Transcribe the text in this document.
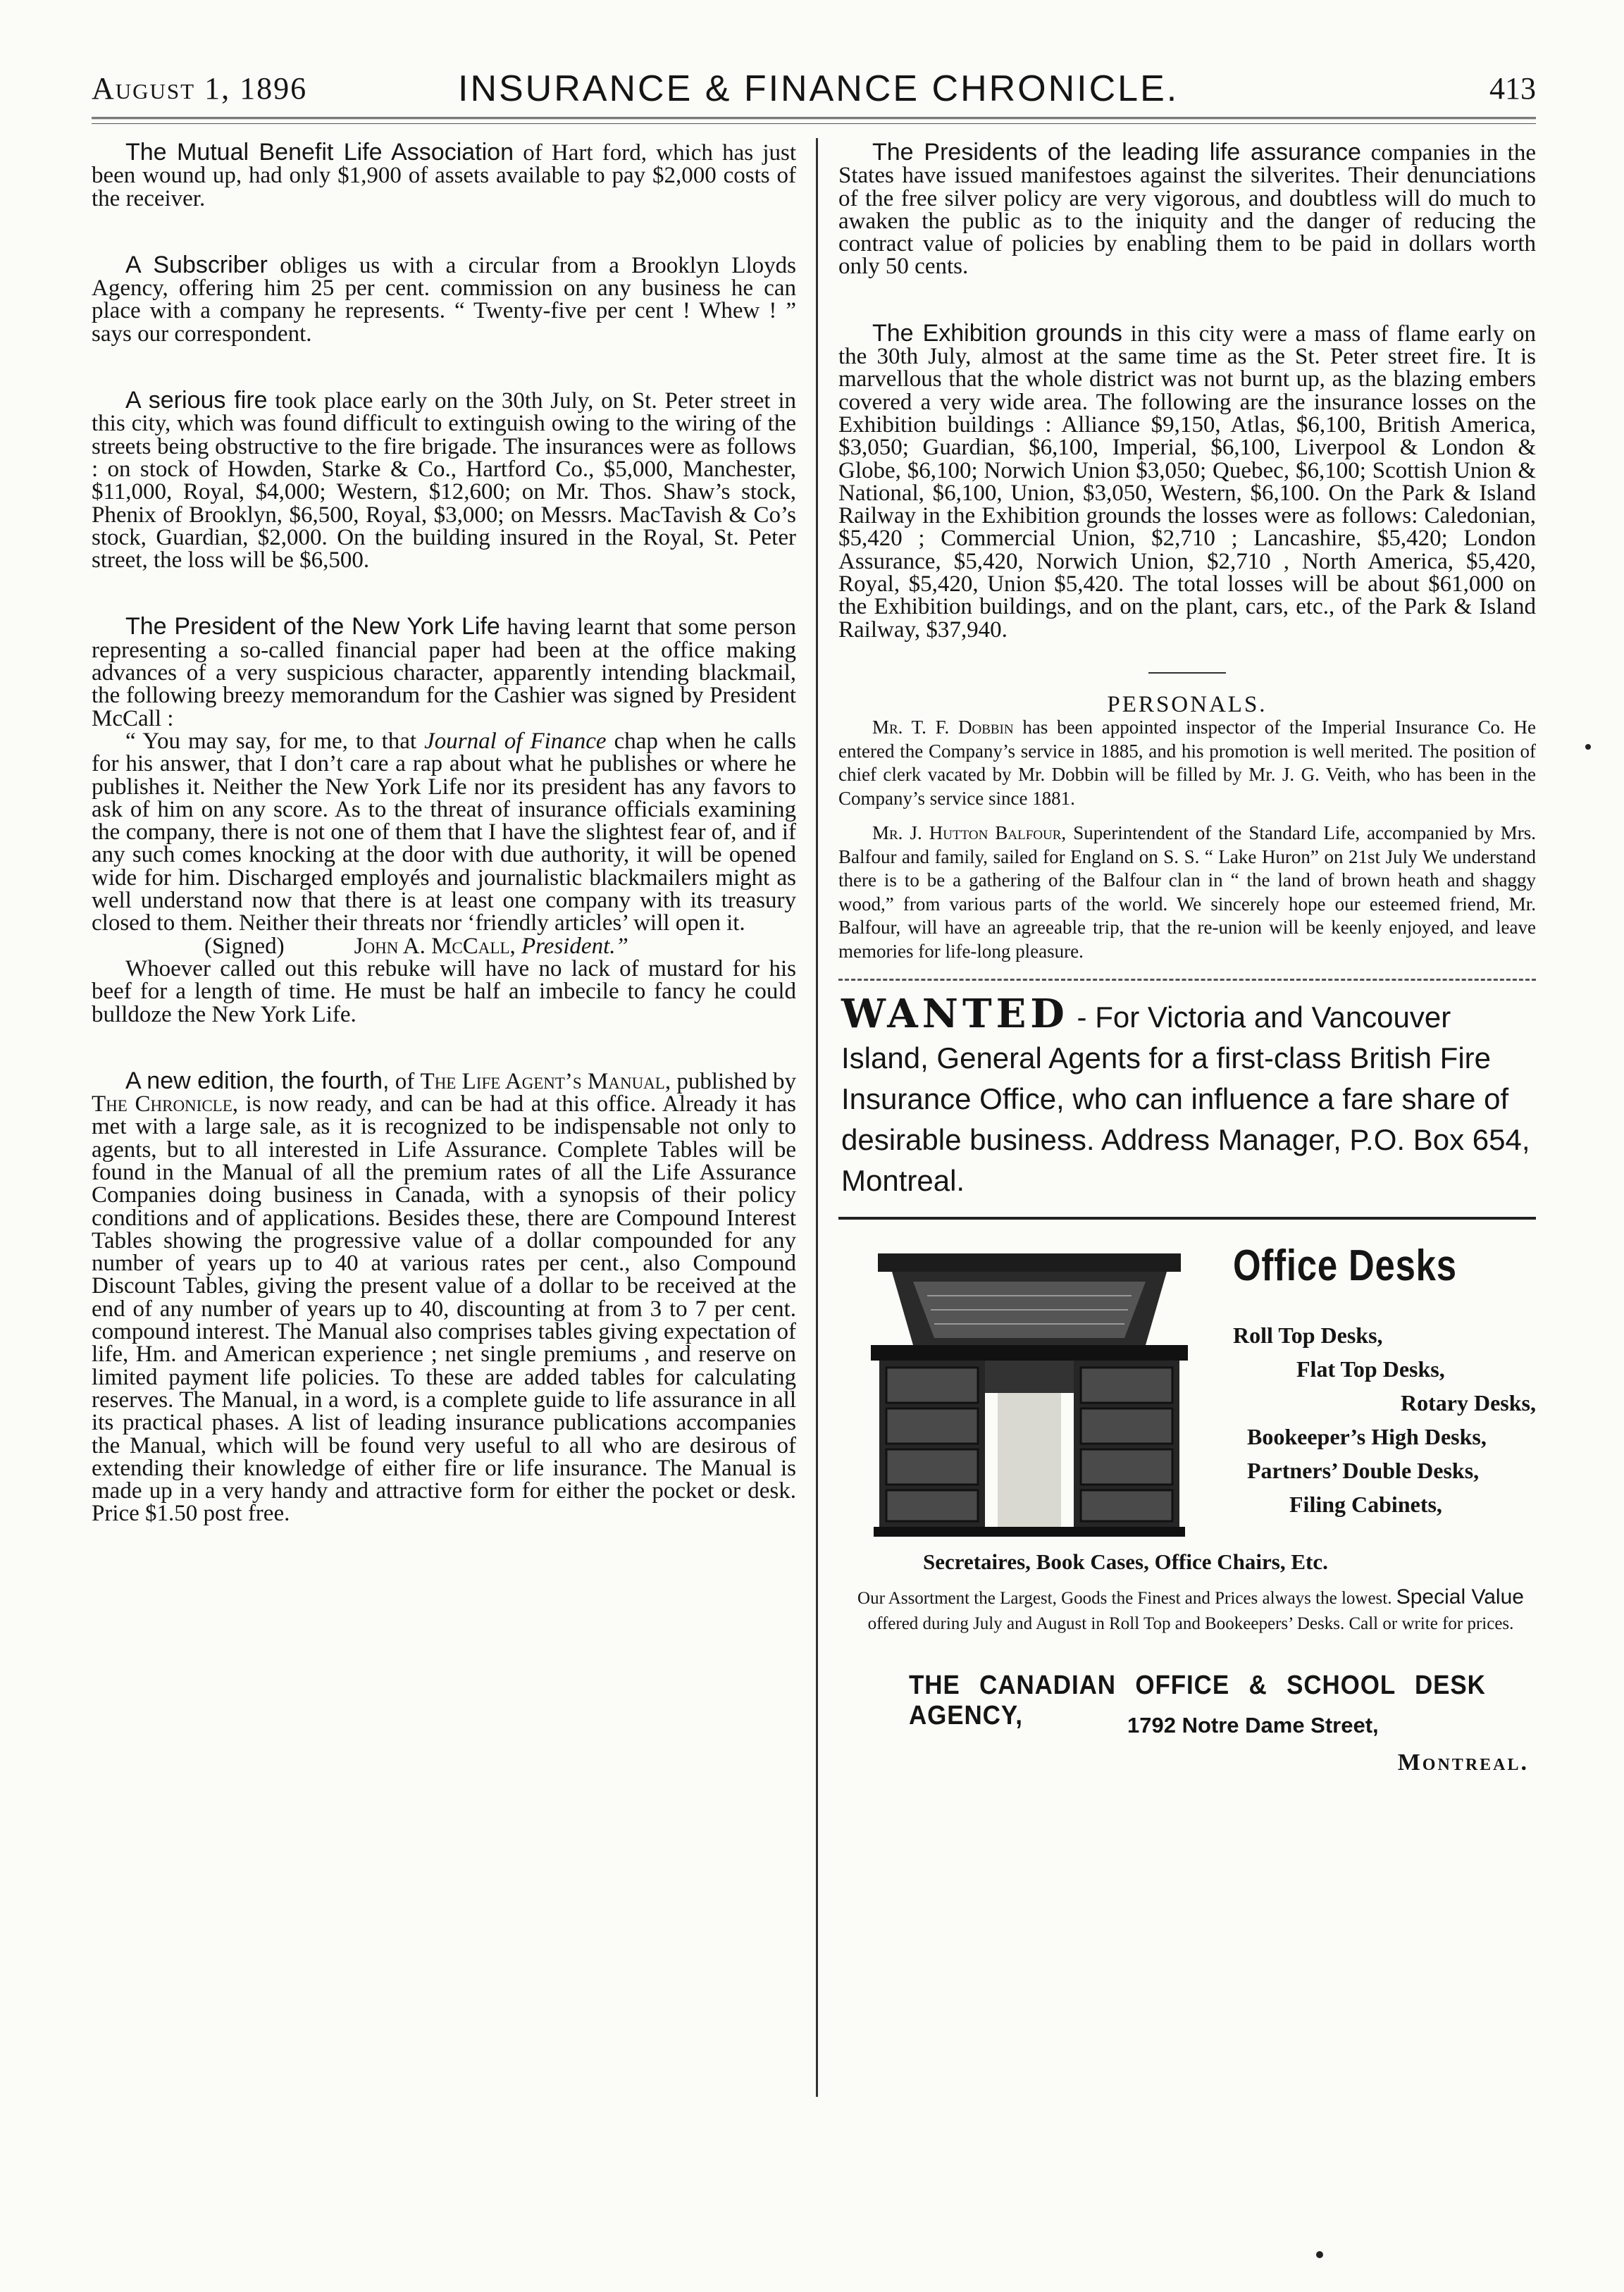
August 1, 1896	INSURANCE & FINANCE CHRONICLE.	413

The Mutual Benefit Life Association of Hart ford, which has just been wound up, had only $1,900 of assets available to pay $2,000 costs of the receiver.

A Subscriber obliges us with a circular from a Brooklyn Lloyds Agency, offering him 25 per cent. commission on any business he can place with a company he represents. “ Twenty-five per cent ! Whew ! ” says our correspondent.

A serious fire took place early on the 30th July, on St. Peter street in this city, which was found difficult to extinguish owing to the wiring of the streets being obstructive to the fire brigade. The insurances were as follows : on stock of Howden, Starke & Co., Hartford Co., $5,000, Manchester, $11,000, Royal, $4,000; Western, $12,600; on Mr. Thos. Shaw’s stock, Phenix of Brooklyn, $6,500, Royal, $3,000; on Messrs. MacTavish & Co’s stock, Guardian, $2,000. On the building insured in the Royal, St. Peter street, the loss will be $6,500.

The President of the New York Life having learnt that some person representing a so-called financial paper had been at the office making advances of a very suspicious character, apparently intending blackmail, the following breezy memorandum for the Cashier was signed by President McCall :

“ You may say, for me, to that Journal of Finance chap when he calls for his answer, that I don’t care a rap about what he publishes or where he publishes it. Neither the New York Life nor its president has any favors to ask of him on any score. As to the threat of insurance officials examining the company, there is not one of them that I have the slightest fear of, and if any such comes knocking at the door with due authority, it will be opened wide for him. Discharged employés and journalistic blackmailers might as well understand now that there is at least one company with its treasury closed to them. Neither their threats nor ‘friendly articles’ will open it.

(Signed)	John A. McCall, President.”

Whoever called out this rebuke will have no lack of mustard for his beef for a length of time. He must be half an imbecile to fancy he could bulldoze the New York Life.

A new edition, the fourth, of The Life Agent’s Manual, published by The Chronicle, is now ready, and can be had at this office. Already it has met with a large sale, as it is recognized to be indispensable not only to agents, but to all interested in Life Assurance. Complete Tables will be found in the Manual of all the premium rates of all the Life Assurance Companies doing business in Canada, with a synopsis of their policy conditions and of applications. Besides these, there are Compound Interest Tables showing the progressive value of a dollar compounded for any number of years up to 40 at various rates per cent., also Compound Discount Tables, giving the present value of a dollar to be received at the end of any number of years up to 40, discounting at from 3 to 7 per cent. compound interest. The Manual also comprises tables giving expectation of life, Hm. and American experience ; net single premiums , and reserve on limited payment life policies. To these are added tables for calculating reserves. The Manual, in a word, is a complete guide to life assurance in all its practical phases. A list of leading insurance publications accompanies the Manual, which will be found very useful to all who are desirous of extending their knowledge of either fire or life insurance. The Manual is made up in a very handy and attractive form for either the pocket or desk. Price $1.50 post free.

The Presidents of the leading life assurance companies in the States have issued manifestoes against the silverites. Their denunciations of the free silver policy are very vigorous, and doubtless will do much to awaken the public as to the iniquity and the danger of reducing the contract value of policies by enabling them to be paid in dollars worth only 50 cents.

The Exhibition grounds in this city were a mass of flame early on the 30th July, almost at the same time as the St. Peter street fire. It is marvellous that the whole district was not burnt up, as the blazing embers covered a very wide area. The following are the insurance losses on the Exhibition buildings : Alliance $9,150, Atlas, $6,100, British America, $3,050; Guardian, $6,100, Imperial, $6,100, Liverpool & London & Globe, $6,100; Norwich Union $3,050; Quebec, $6,100; Scottish Union & National, $6,100, Union, $3,050, Western, $6,100. On the Park & Island Railway in the Exhibition grounds the losses were as follows: Caledonian, $5,420 ; Commercial Union, $2,710 ; Lancashire, $5,420; London Assurance, $5,420, Norwich Union, $2,710 , North America, $5,420, Royal, $5,420, Union $5,420. The total losses will be about $61,000 on the Exhibition buildings, and on the plant, cars, etc., of the Park & Island Railway, $37,940.

PERSONALS.

Mr. T. F. Dobbin has been appointed inspector of the Imperial Insurance Co. He entered the Company’s service in 1885, and his promotion is well merited. The position of chief clerk vacated by Mr. Dobbin will be filled by Mr. J. G. Veith, who has been in the Company’s service since 1881.

Mr. J. Hutton Balfour, Superintendent of the Standard Life, accompanied by Mrs. Balfour and family, sailed for England on S. S. “ Lake Huron” on 21st July We understand there is to be a gathering of the Balfour clan in “ the land of brown heath and shaggy wood,” from various parts of the world. We sincerely hope our esteemed friend, Mr. Balfour, will have an agreeable trip, that the re-union will be keenly enjoyed, and leave memories for life-long pleasure.

WANTED - For Victoria and Vancouver Island, General Agents for a first-class British Fire Insurance Office, who can influence a fare share of desirable business. Address Manager, P.O. Box 654, Montreal.
Office Desks
Roll Top Desks,
Flat Top Desks,
Rotary Desks,
Bookeeper’s High Desks,
Partners’ Double Desks,
Filing Cabinets,
Secretaires, Book Cases, Office Chairs, Etc.
Our Assortment the Largest, Goods the Finest and Prices always the lowest. Special Value offered during July and August in Roll Top and Bookeepers’ Desks. Call or write for prices.
THE CANADIAN OFFICE & SCHOOL DESK AGENCY,	1792 Notre Dame Street,
Montreal.
